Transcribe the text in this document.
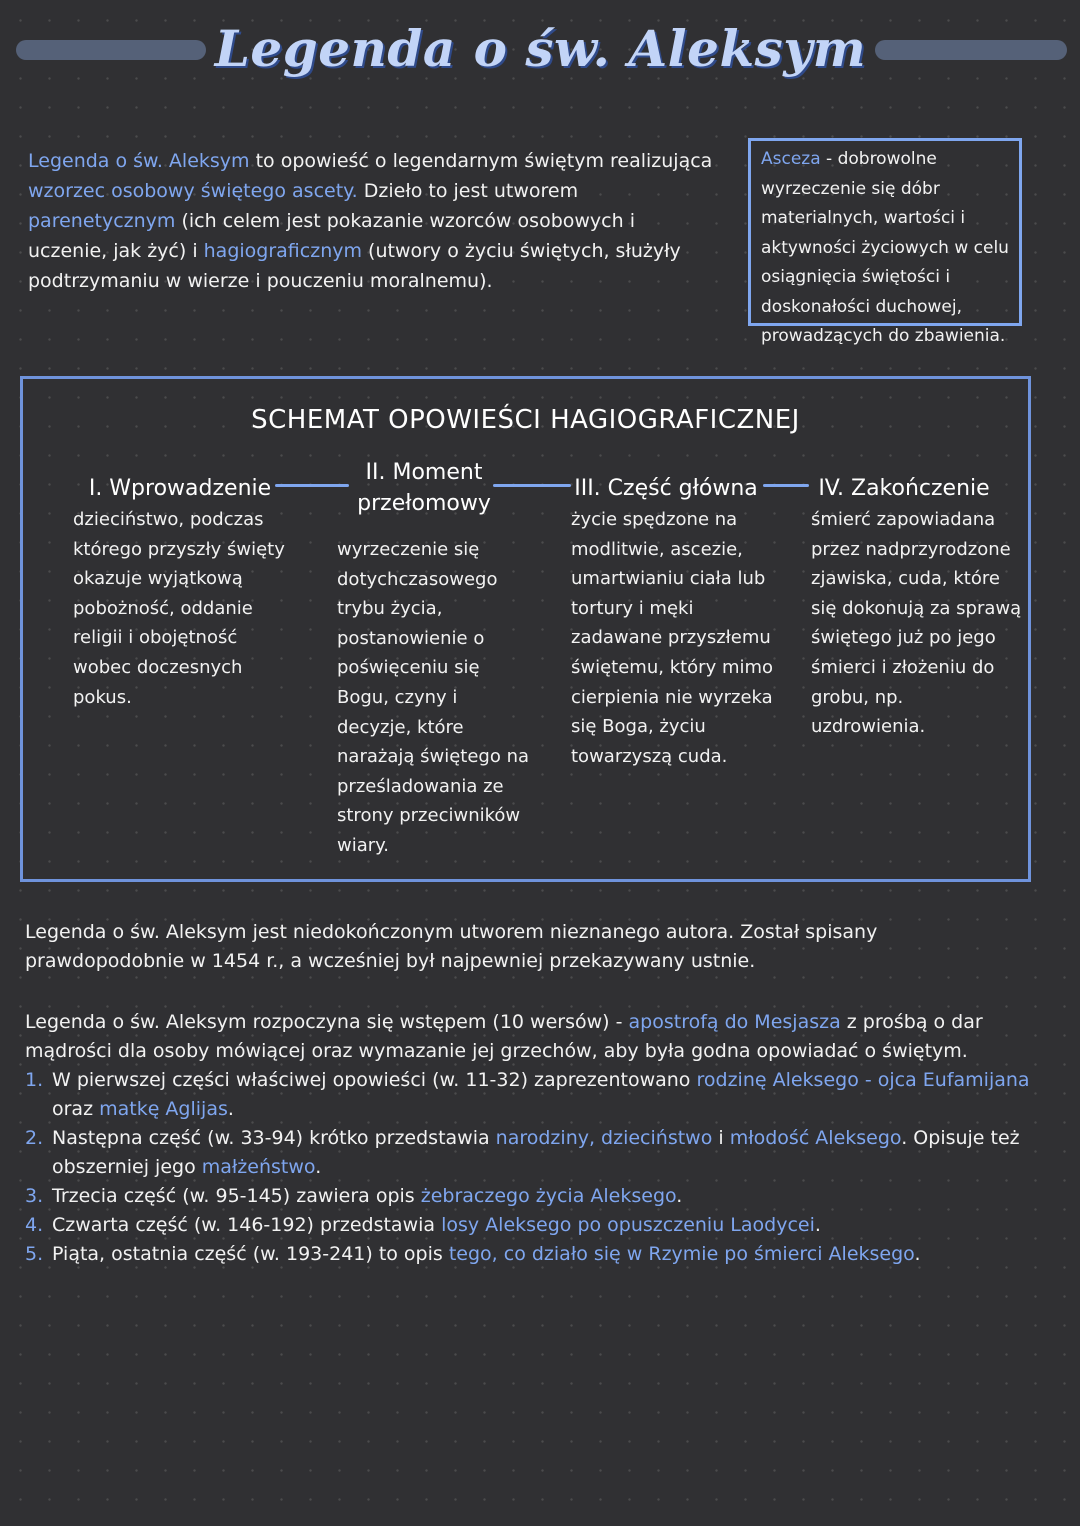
Legenda o św. Aleksym
Legenda o św. Aleksym to opowieść o legendarnym świętym realizująca wzorzec osobowy świętego ascety. Dzieło to jest utworem parenetycznym (ich celem jest pokazanie wzorców osobowych i uczenie, jak żyć) i hagiograficznym (utwory o życiu świętych, służyły podtrzymaniu w wierze i pouczeniu moralnemu).
Asceza - dobrowolne wyrzeczenie się dóbr materialnych, wartości i aktywności życiowych w celu osiągnięcia świętości i doskonałości duchowej, prowadzących do zbawienia.
SCHEMAT OPOWIEŚCI HAGIOGRAFICZNEJ
I. Wprowadzenie
II. Moment przełomowy
III. Część główna	IV. Zakończenie
dzieciństwo, podczas którego przyszły święty okazuje wyjątkową pobożność, oddanie religii i obojętność wobec doczesnych pokus.
wyrzeczenie się dotychczasowego trybu życia, postanowienie o poświęceniu się Bogu, czyny i decyzje, które narażają świętego na prześladowania ze strony przeciwników wiary.
życie spędzone na modlitwie, ascezie, umartwianiu ciała lub tortury i męki zadawane przyszłemu świętemu, który mimo cierpienia nie wyrzeka się Boga, życiu towarzyszą cuda.
śmierć zapowiadana przez nadprzyrodzone zjawiska, cuda, które się dokonują za sprawą świętego już po jego śmierci i złożeniu do grobu, np. uzdrowienia.
Legenda o św. Aleksym jest niedokończonym utworem nieznanego autora. Został spisany prawdopodobnie w 1454 r., a wcześniej był najpewniej przekazywany ustnie.
Legenda o św. Aleksym rozpoczyna się wstępem (10 wersów) - apostrofą do Mesjasza z prośbą o dar mądrości dla osoby mówiącej oraz wymazanie jej grzechów, aby była godna opowiadać o świętym.
1. W pierwszej części właściwej opowieści (w. 11-32) zaprezentowano rodzinę Aleksego - ojca Eufamijana oraz matkę Aglijas.
2. Następna część (w. 33-94) krótko przedstawia narodziny, dzieciństwo i młodość Aleksego. Opisuje też obszerniej jego małżeństwo.
3. Trzecia część (w. 95-145) zawiera opis żebraczego życia Aleksego.
4. Czwarta część (w. 146-192) przedstawia losy Aleksego po opuszczeniu Laodycei.
5. Piąta, ostatnia część (w. 193-241) to opis tego, co działo się w Rzymie po śmierci Aleksego.
